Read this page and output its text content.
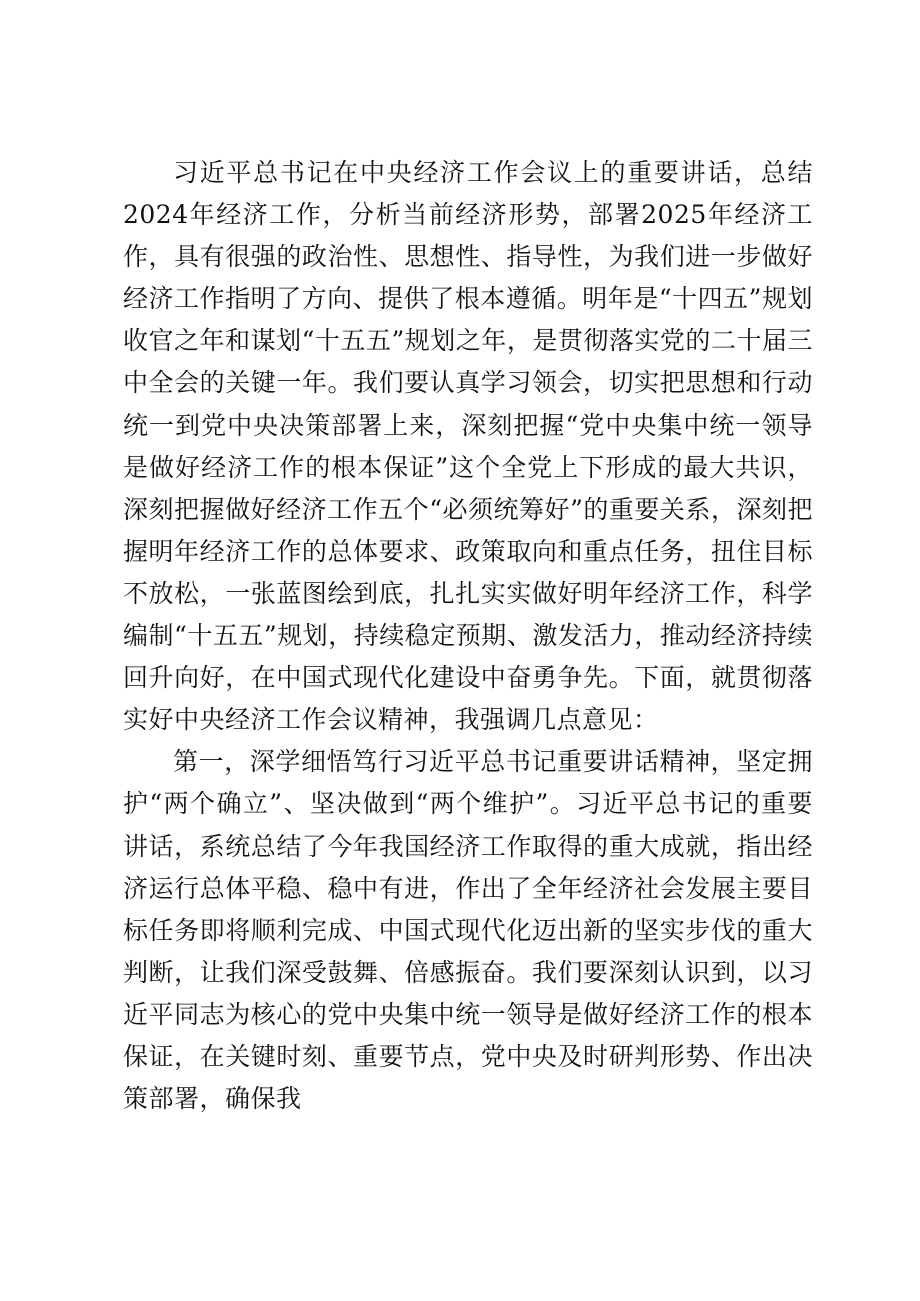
习近平总书记在中央经济工作会议上的重要讲话，总结2024年经济工作，分析当前经济形势，部署2025年经济工作，具有很强的政治性、思想性、指导性，为我们进一步做好经济工作指明了方向、提供了根本遵循。明年是“十四五”规划收官之年和谋划“十五五”规划之年，是贯彻落实党的二十届三中全会的关键一年。我们要认真学习领会，切实把思想和行动统一到党中央决策部署上来，深刻把握“党中央集中统一领导是做好经济工作的根本保证”这个全党上下形成的最大共识，深刻把握做好经济工作五个“必须统筹好”的重要关系，深刻把握明年经济工作的总体要求、政策取向和重点任务，扭住目标不放松，一张蓝图绘到底，扎扎实实做好明年经济工作，科学编制“十五五”规划，持续稳定预期、激发活力，推动经济持续回升向好，在中国式现代化建设中奋勇争先。下面，就贯彻落实好中央经济工作会议精神，我强调几点意见：

第一，深学细悟笃行习近平总书记重要讲话精神，坚定拥护“两个确立”、坚决做到“两个维护”。习近平总书记的重要讲话，系统总结了今年我国经济工作取得的重大成就，指出经济运行总体平稳、稳中有进，作出了全年经济社会发展主要目标任务即将顺利完成、中国式现代化迈出新的坚实步伐的重大判断，让我们深受鼓舞、倍感振奋。我们要深刻认识到，以习近平同志为核心的党中央集中统一领导是做好经济工作的根本保证，在关键时刻、重要节点，党中央及时研判形势、作出决策部署，确保我
